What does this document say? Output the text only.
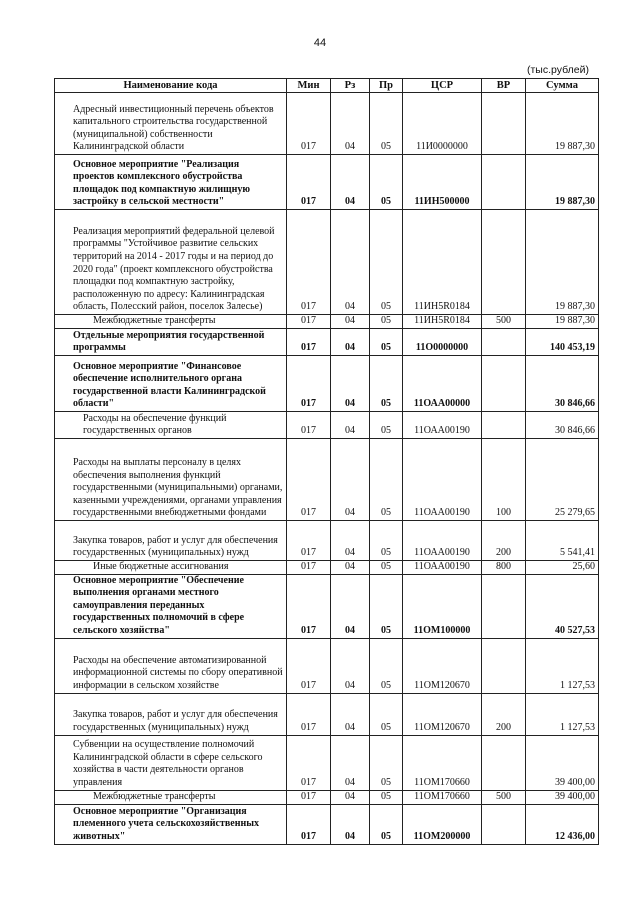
44
(тыс.рублей)
Наименование кода	Мин	Рз	Пр	ЦСР	ВР	Сумма
Адресный инвестиционный перечень объектов капитального строительства государственной (муниципальной) собственности Калининградской области	017	04	05	11И0000000		19 887,30
Основное мероприятие "Реализация проектов комплексного обустройства площадок под компактную жилищную застройку в сельской местности"	017	04	05	11ИН500000		19 887,30
Реализация мероприятий федеральной целевой программы "Устойчивое развитие сельских территорий на 2014 - 2017 годы и на период до 2020 года" (проект комплексного обустройства площадки под компактную застройку, расположенную по адресу: Калининградская область, Полесский район, поселок Залесье)	017	04	05	11ИН5R0184		19 887,30
Межбюджетные трансферты	017	04	05	11ИН5R0184	500	19 887,30
Отдельные мероприятия государственной программы	017	04	05	11О0000000		140 453,19
Основное мероприятие "Финансовое обеспечение исполнительного органа государственной власти Калининградской области"	017	04	05	11ОАА00000		30 846,66
Расходы на обеспечение функций государственных органов	017	04	05	11ОАА00190		30 846,66
Расходы на выплаты персоналу в целях обеспечения выполнения функций государственными (муниципальными) органами, казенными учреждениями, органами управления государственными внебюджетными фондами	017	04	05	11ОАА00190	100	25 279,65
Закупка товаров, работ и услуг для обеспечения государственных (муниципальных) нужд	017	04	05	11ОАА00190	200	5 541,41
Иные бюджетные ассигнования	017	04	05	11ОАА00190	800	25,60
Основное мероприятие "Обеспечение выполнения органами местного самоуправления переданных государственных полномочий в сфере сельского хозяйства"	017	04	05	11ОМ100000		40 527,53
Расходы на обеспечение автоматизированной информационной системы по сбору оперативной информации в сельском хозяйстве	017	04	05	11ОМ120670		1 127,53
Закупка товаров, работ и услуг для обеспечения государственных (муниципальных) нужд	017	04	05	11ОМ120670	200	1 127,53
Субвенции на осуществление полномочий Калининградской области в сфере сельского хозяйства в части деятельности органов управления	017	04	05	11ОМ170660		39 400,00
Межбюджетные трансферты	017	04	05	11ОМ170660	500	39 400,00
Основное мероприятие "Организация племенного учета сельскохозяйственных животных"	017	04	05	11ОМ200000		12 436,00
